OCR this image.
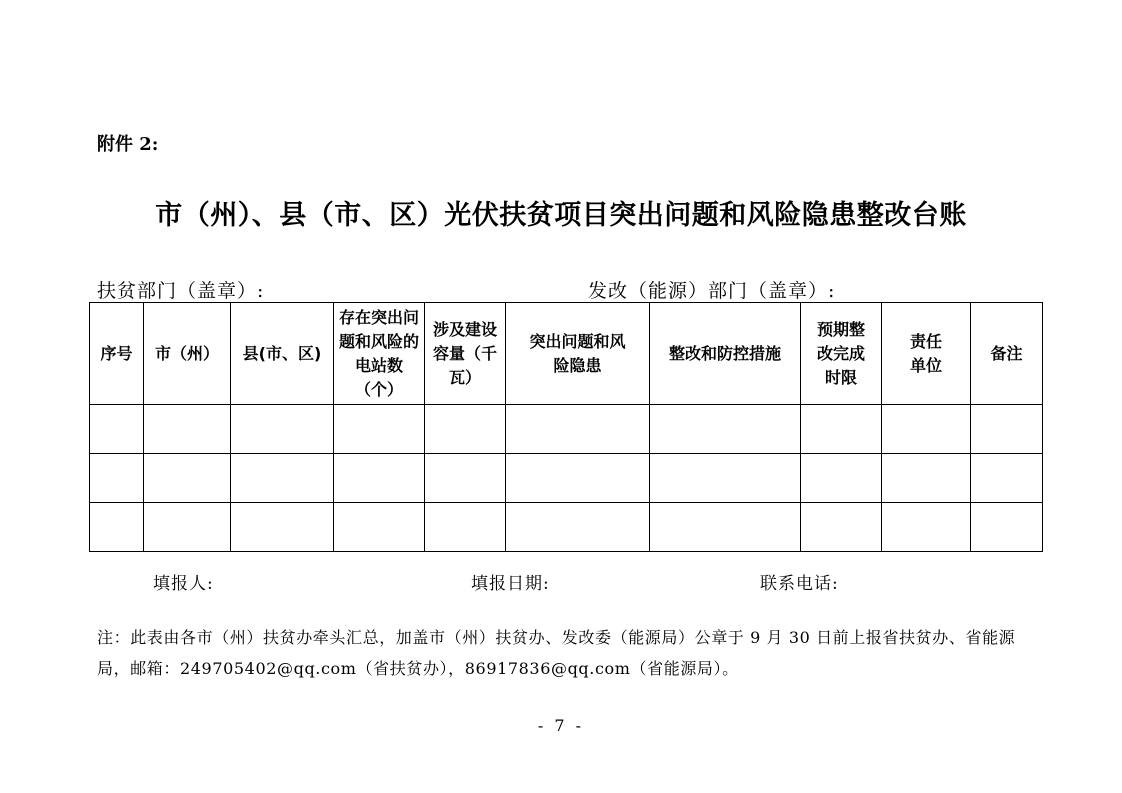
附件 2:
市（州）、县（市、区）光伏扶贫项目突出问题和风险隐患整改台账
扶贫部门（盖章）:	发改（能源）部门（盖章）:
序号	市（州）	县(市、区)	存在突出问题和风险的电站数（个）	涉及建设容量（千瓦）	突出问题和风险隐患	整改和防控措施	预期整改完成时限	责任单位	备注

填报人:	填报日期:	联系电话:
注：此表由各市（州）扶贫办牵头汇总，加盖市（州）扶贫办、发改委（能源局）公章于 9 月 30 日前上报省扶贫办、省能源局，邮箱：249705402@qq.com（省扶贫办），86917836@qq.com（省能源局）。
- 7 -
